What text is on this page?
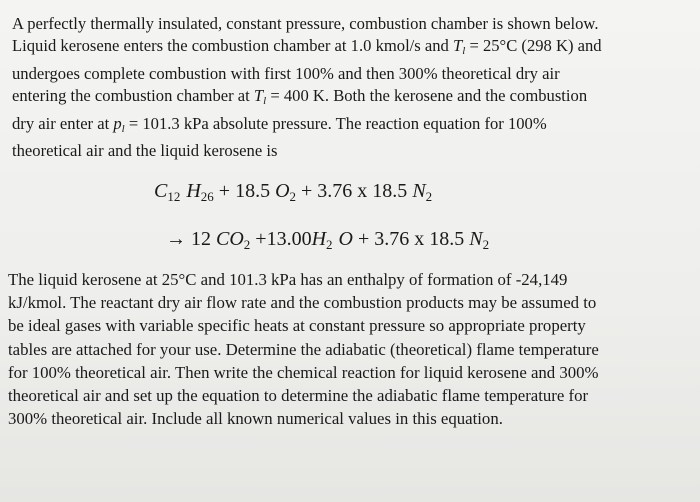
A perfectly thermally insulated, constant pressure, combustion chamber is shown below.
Liquid kerosene enters the combustion chamber at 1.0 kmol/s and $T_l = 25^\circ C$ (298 K) and
undergoes complete combustion with first 100% and then 300% theoretical dry air
entering the combustion chamber at $T_l = 400$ K. Both the kerosene and the combustion
dry air enter at $p_l = 101.3$ kPa absolute pressure. The reaction equation for 100%
theoretical air and the liquid kerosene is

$C_{12}$ $H_{26} + 18.5$ $O_2 + 3.76$ x 18.5 $N_2$
→ 12 $CO_2 +13.00H_2$ O + 3.76 x 18.5 $N_2$

The liquid kerosene at 25°C and 101.3 kPa has an enthalpy of formation of -24,149
kJ/kmol. The reactant dry air flow rate and the combustion products may be assumed to
be ideal gases with variable specific heats at constant pressure so appropriate property
tables are attached for your use. Determine the adiabatic (theoretical) flame temperature
for 100% theoretical air. Then write the chemical reaction for liquid kerosene and 300%
theoretical air and set up the equation to determine the adiabatic flame temperature for
300% theoretical air. Include all known numerical values in this equation.
